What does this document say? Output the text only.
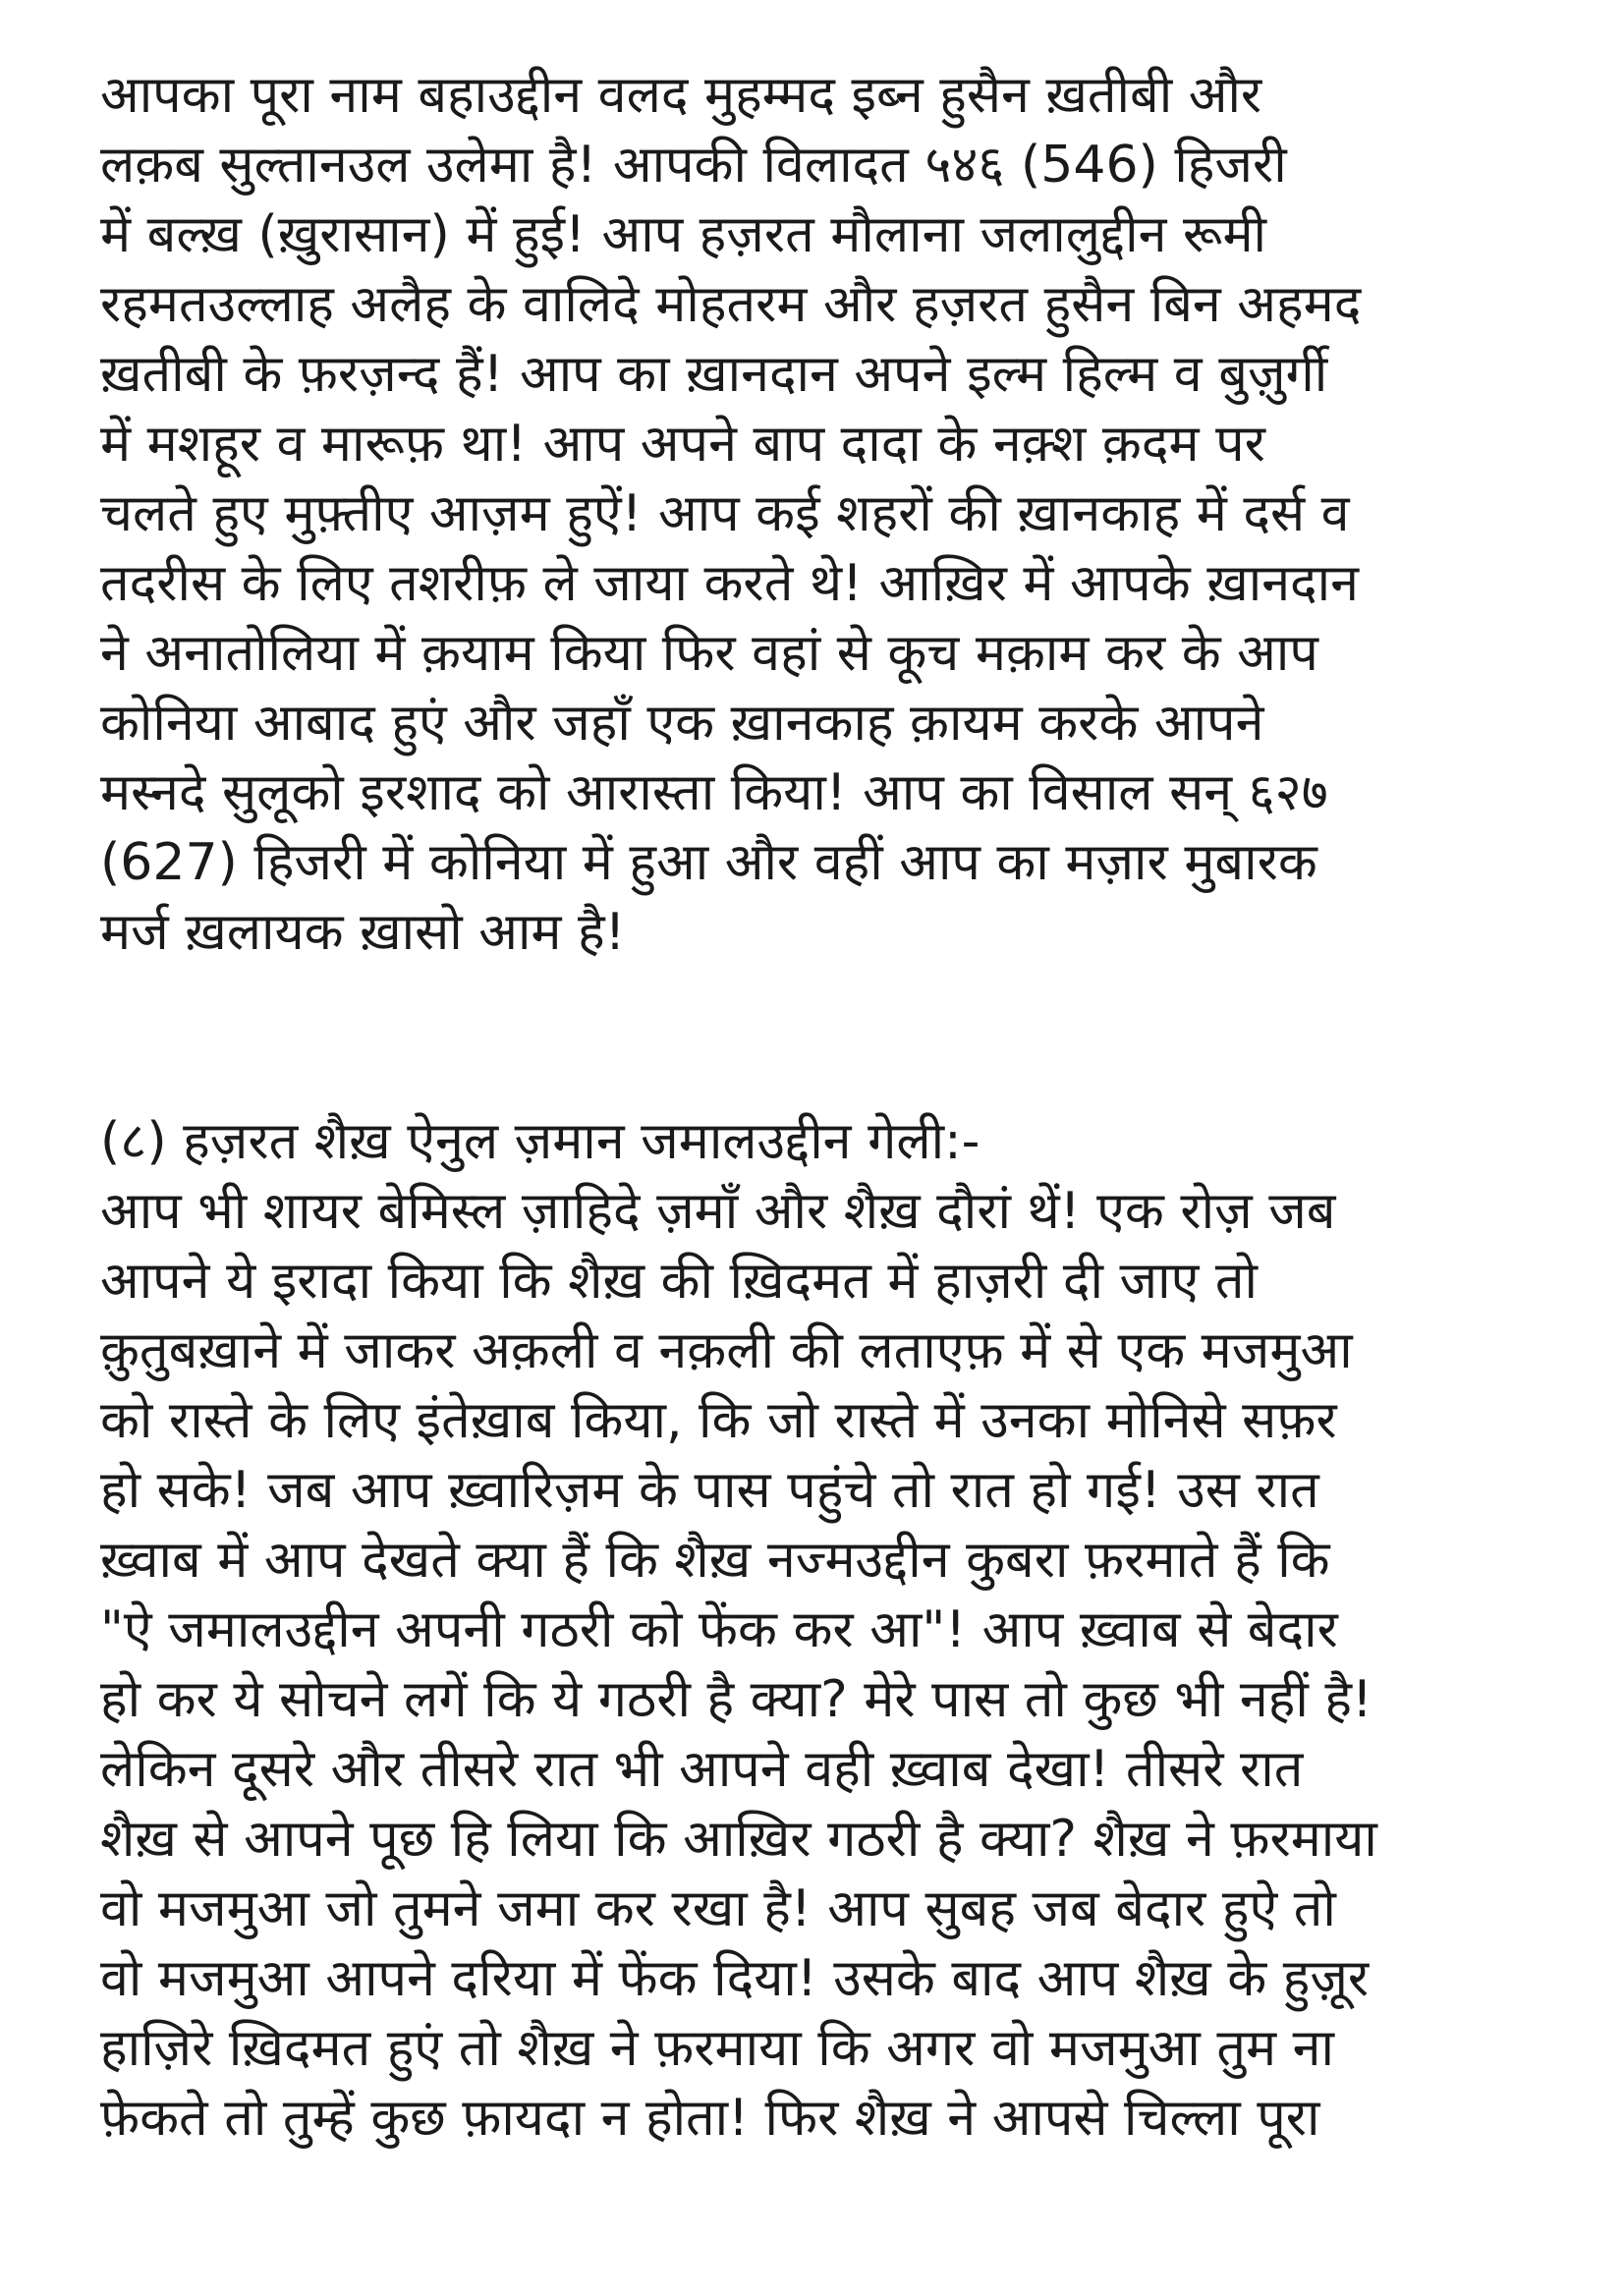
आपका पूरा नाम बहाउद्दीन वलद मुहम्मद इब्न हुसैन ख़तीबी और

लक़ब सुल्तानउल उलेमा है! आपकी विलादत ५४६ (546) हिजरी

में बल्ख़ (ख़ुरासान) में हुई! आप हज़रत मौलाना जलालुद्दीन रूमी

रहमतउल्लाह अलैह के वालिदे मोहतरम और हज़रत हुसैन बिन अहमद

ख़तीबी के फ़रज़न्द हैं! आप का ख़ानदान अपने इल्म हिल्म व बुज़ुर्गी

में मशहूर व मारूफ़ था! आप अपने बाप दादा के नक़्श क़दम पर

चलते हुए मुफ़्तीए आज़म हुऐं! आप कई शहरों की ख़ानकाह में दर्स व

तदरीस के लिए तशरीफ़ ले जाया करते थे! आख़िर में आपके ख़ानदान

ने अनातोलिया में क़याम किया फिर वहां से कूच मक़ाम कर के आप

कोनिया आबाद हुएं और जहाँ एक ख़ानकाह क़ायम करके आपने

मस्नदे सुलूको इरशाद को आरास्ता किया! आप का विसाल सन् ६२७

(627) हिजरी में कोनिया में हुआ और वहीं आप का मज़ार मुबारक

मर्ज ख़लायक ख़ासो आम है!

(८) हज़रत शैख़ ऐनुल ज़मान जमालउद्दीन गेली:-

आप भी शायर बेमिस्ल ज़ाहिदे ज़माँ और शैख़ दौरां थें! एक रोज़ जब

आपने ये इरादा किया कि शैख़ की ख़िदमत में हाज़री दी जाए तो

क़ुतुबख़ाने में जाकर अक़ली व नक़ली की लताएफ़ में से एक मजमुआ

को रास्ते के लिए इंतेख़ाब किया, कि जो रास्ते में उनका मोनिसे सफ़र

हो सके! जब आप ख़्वारिज़म के पास पहुंचे तो रात हो गई! उस रात

ख़्वाब में आप देखते क्या हैं कि शैख़ नज्मउद्दीन कुबरा फ़रमाते हैं कि

"ऐ जमालउद्दीन अपनी गठरी को फेंक कर आ"! आप ख़्वाब से बेदार

हो कर ये सोचने लगें कि ये गठरी है क्या? मेरे पास तो कुछ भी नहीं है!

लेकिन दूसरे और तीसरे रात भी आपने वही ख़्वाब देखा! तीसरे रात

शैख़ से आपने पूछ हि लिया कि आख़िर गठरी है क्या? शैख़ ने फ़रमाया

वो मजमुआ जो तुमने जमा कर रखा है! आप सुबह जब बेदार हुऐ तो

वो मजमुआ आपने दरिया में फेंक दिया! उसके बाद आप शैख़ के हुज़ूर

हाज़िरे ख़िदमत हुएं तो शैख़ ने फ़रमाया कि अगर वो मजमुआ तुम ना

फ़ेकते तो तुम्हें कुछ फ़ायदा न होता! फिर शैख़ ने आपसे चिल्ला पूरा
